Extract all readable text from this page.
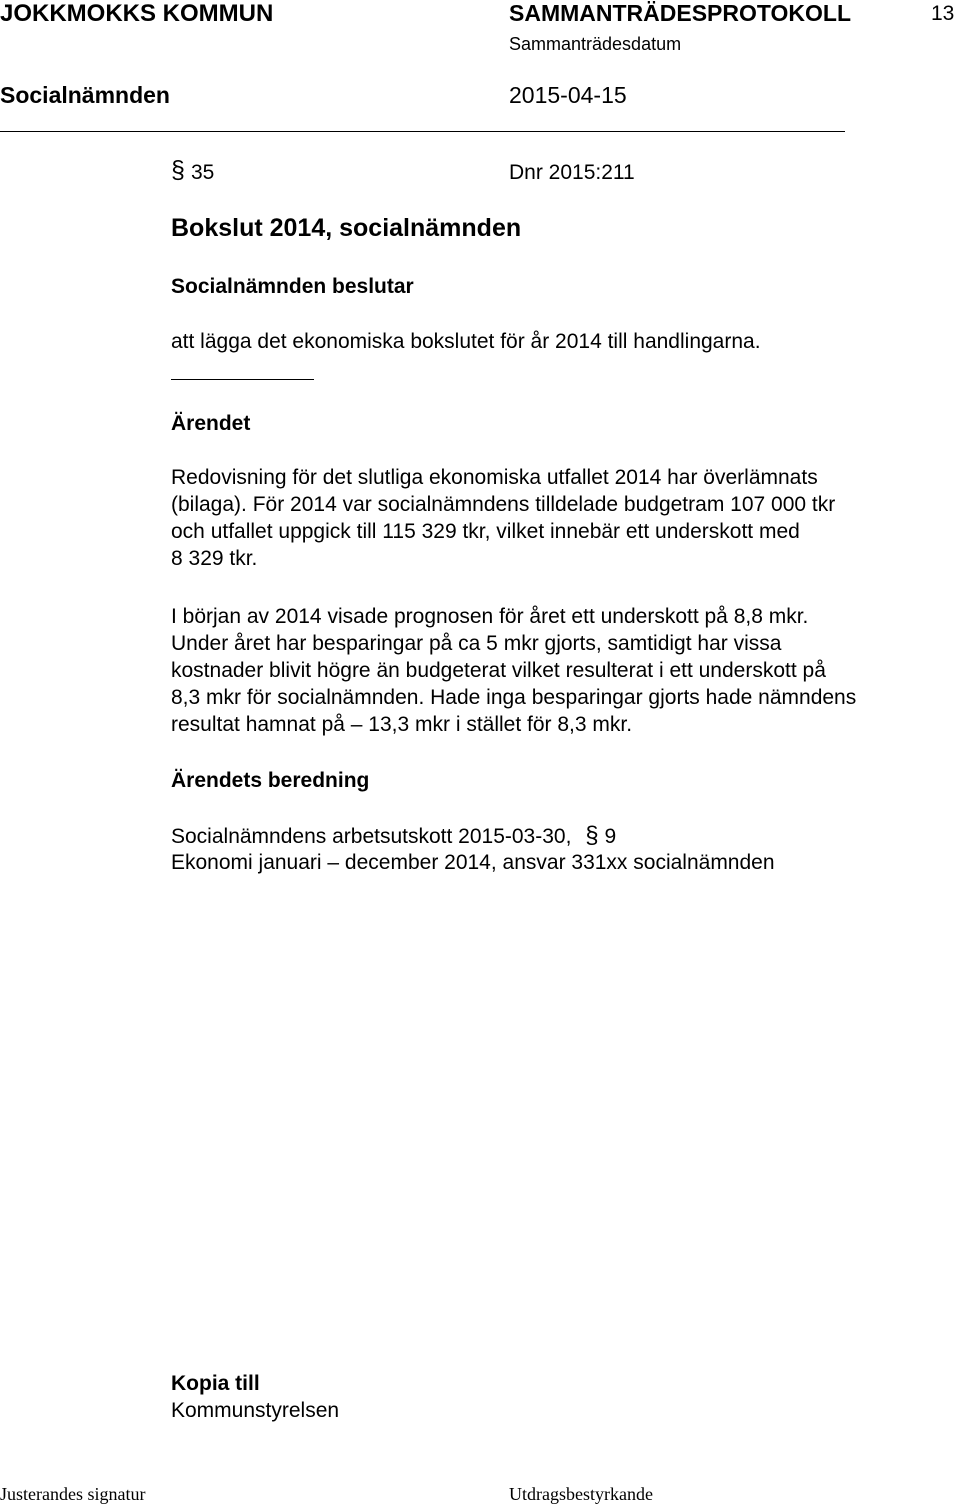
JOKKMOKKS KOMMUN	SAMMANTRÄDESPROTOKOLL	13
Sammanträdesdatum
Socialnämnden	2015-04-15
§ 35	Dnr 2015:211
Bokslut 2014, socialnämnden
Socialnämnden beslutar
att lägga det ekonomiska bokslutet för år 2014 till handlingarna.
Ärendet
Redovisning för det slutliga ekonomiska utfallet 2014 har överlämnats
(bilaga). För 2014 var socialnämndens tilldelade budgetram 107 000 tkr
och utfallet uppgick till 115 329 tkr, vilket innebär ett underskott med
8 329 tkr.
I början av 2014 visade prognosen för året ett underskott på 8,8 mkr.
Under året har besparingar på ca 5 mkr gjorts, samtidigt har vissa
kostnader blivit högre än budgeterat vilket resulterat i ett underskott på
8,3 mkr för socialnämnden. Hade inga besparingar gjorts hade nämndens
resultat hamnat på – 13,3 mkr i stället för 8,3 mkr.
Ärendets beredning
Socialnämndens arbetsutskott 2015-03-30, § 9
Ekonomi januari – december 2014, ansvar 331xx socialnämnden
Kopia till
Kommunstyrelsen
Justerandes signatur	Utdragsbestyrkande
